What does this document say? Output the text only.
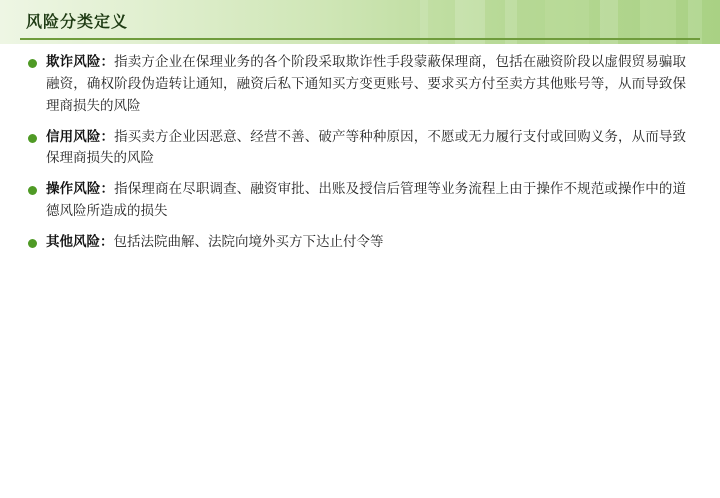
风险分类定义
欺诈风险：指卖方企业在保理业务的各个阶段采取欺诈性手段蒙蔽保理商，包括在融资阶段以虚假贸易骗取融资，确权阶段伪造转让通知，融资后私下通知买方变更账号、要求买方付至卖方其他账号等，从而导致保理商损失的风险
信用风险：指买卖方企业因恶意、经营不善、破产等种种原因，不愿或无力履行支付或回购义务，从而导致保理商损失的风险
操作风险：指保理商在尽职调查、融资审批、出账及授信后管理等业务流程上由于操作不规范或操作中的道德风险所造成的损失
其他风险：包括法院曲解、法院向境外买方下达止付令等
